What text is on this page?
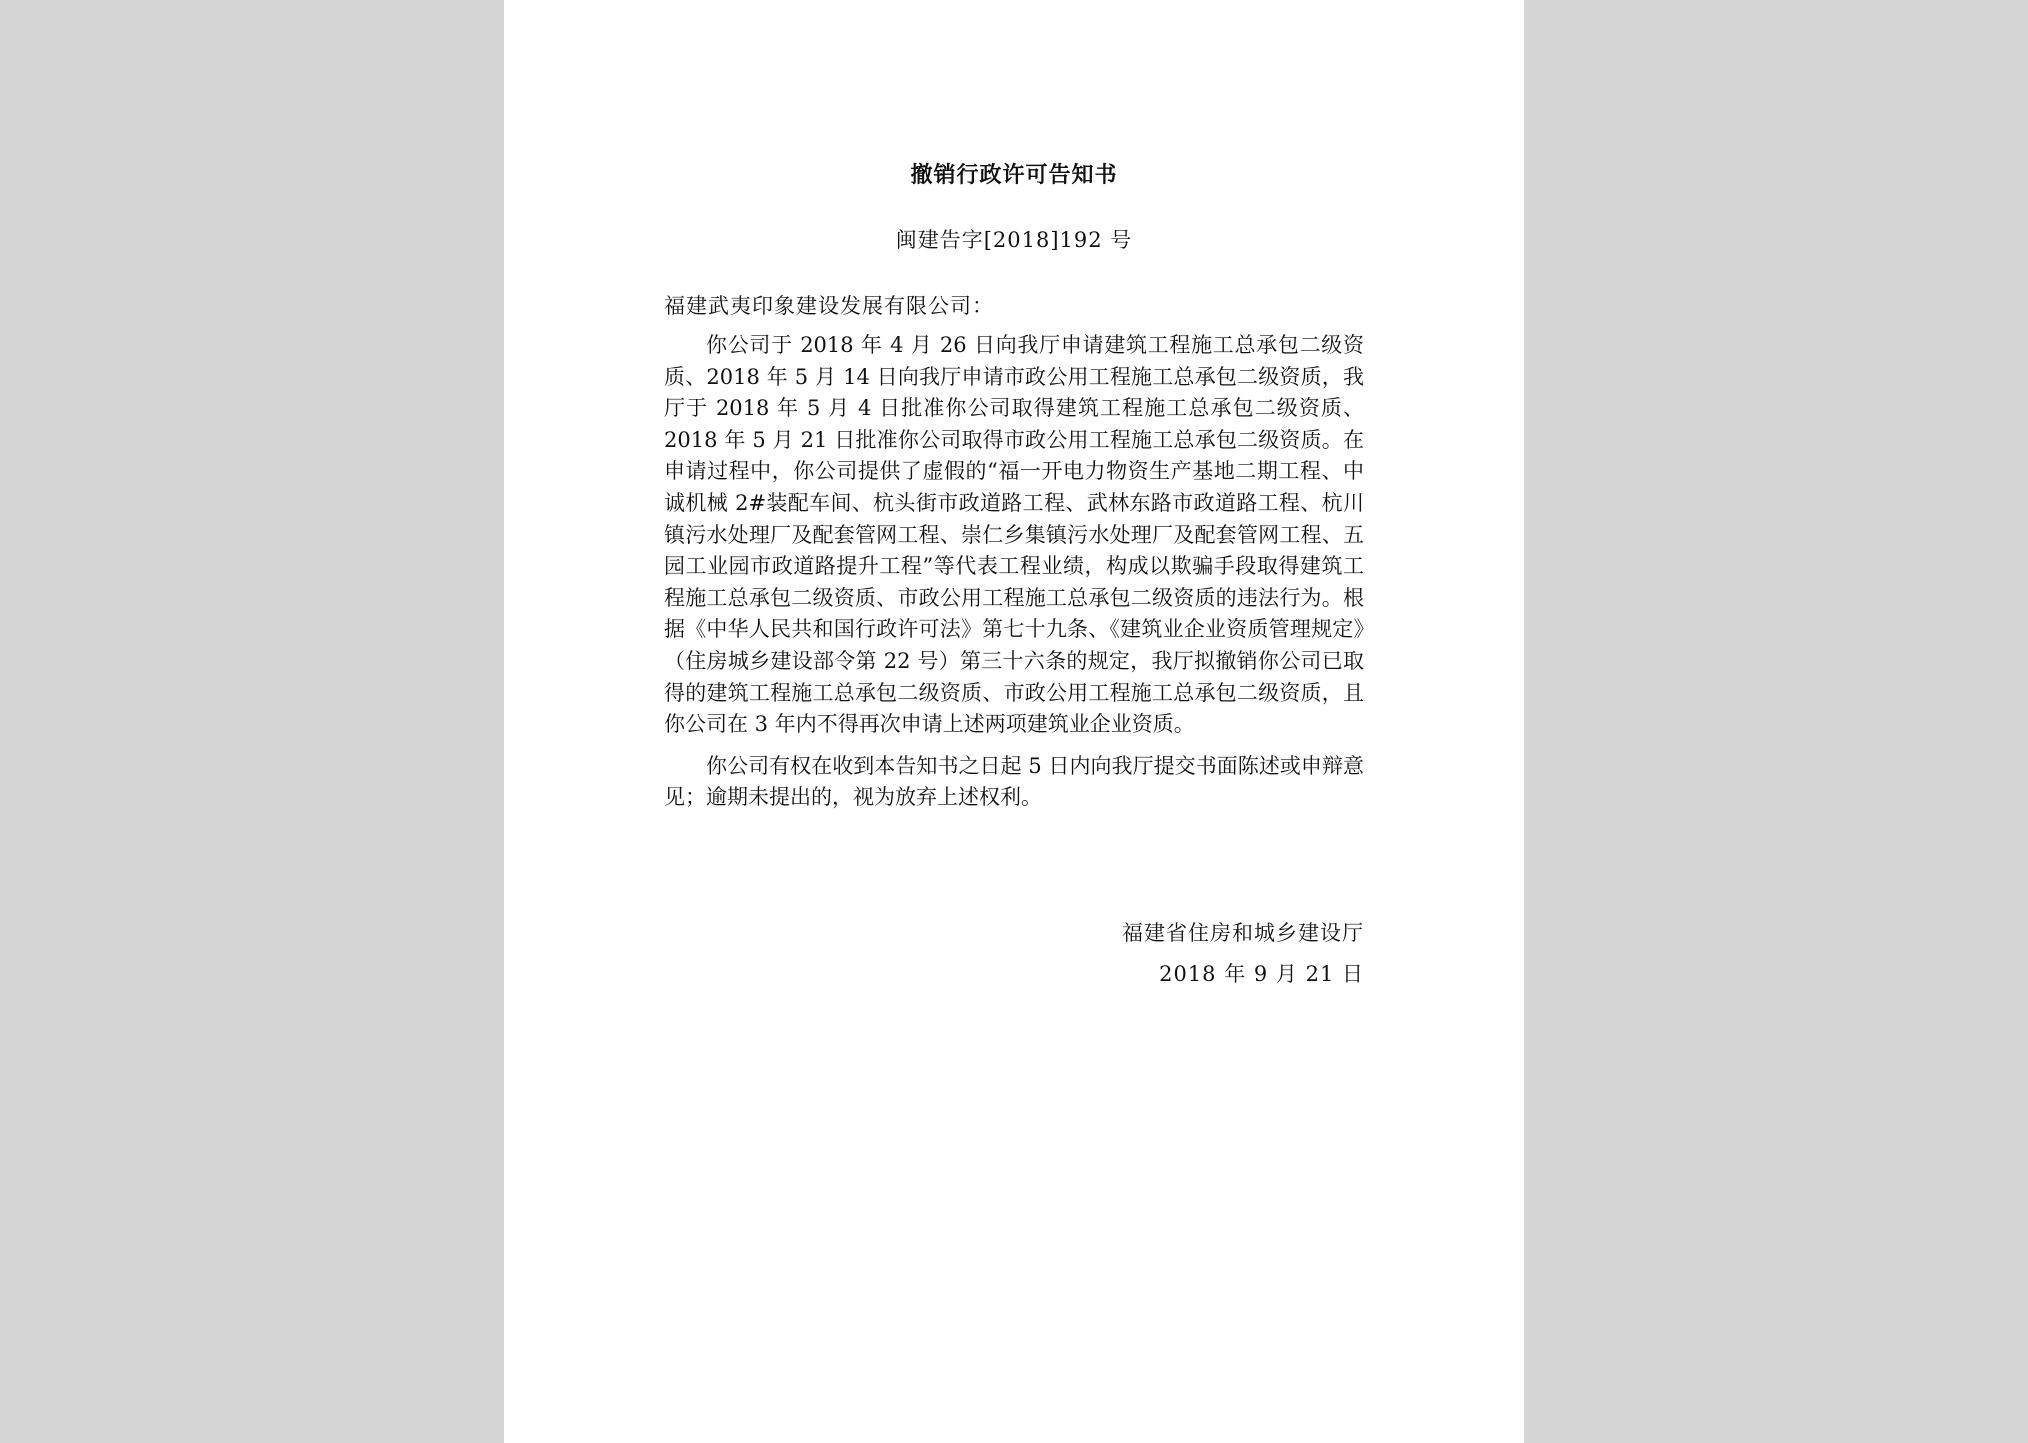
撤销行政许可告知书
闽建告字[2018]192 号
福建武夷印象建设发展有限公司：

你公司于 2018 年 4 月 26 日向我厅申请建筑工程施工总承包二级资质、2018 年 5 月 14 日向我厅申请市政公用工程施工总承包二级资质，我厅于 2018 年 5 月 4 日批准你公司取得建筑工程施工总承包二级资质、2018 年 5 月 21 日批准你公司取得市政公用工程施工总承包二级资质。在申请过程中，你公司提供了虚假的“福一开电力物资生产基地二期工程、中诚机械 2#装配车间、杭头街市政道路工程、武林东路市政道路工程、杭川镇污水处理厂及配套管网工程、崇仁乡集镇污水处理厂及配套管网工程、五园工业园市政道路提升工程”等代表工程业绩，构成以欺骗手段取得建筑工程施工总承包二级资质、市政公用工程施工总承包二级资质的违法行为。根据《中华人民共和国行政许可法》第七十九条、《建筑业企业资质管理规定》（住房城乡建设部令第 22 号）第三十六条的规定，我厅拟撤销你公司已取得的建筑工程施工总承包二级资质、市政公用工程施工总承包二级资质，且你公司在 3 年内不得再次申请上述两项建筑业企业资质。

你公司有权在收到本告知书之日起 5 日内向我厅提交书面陈述或申辩意见；逾期未提出的，视为放弃上述权利。

福建省住房和城乡建设厅
2018 年 9 月 21 日
